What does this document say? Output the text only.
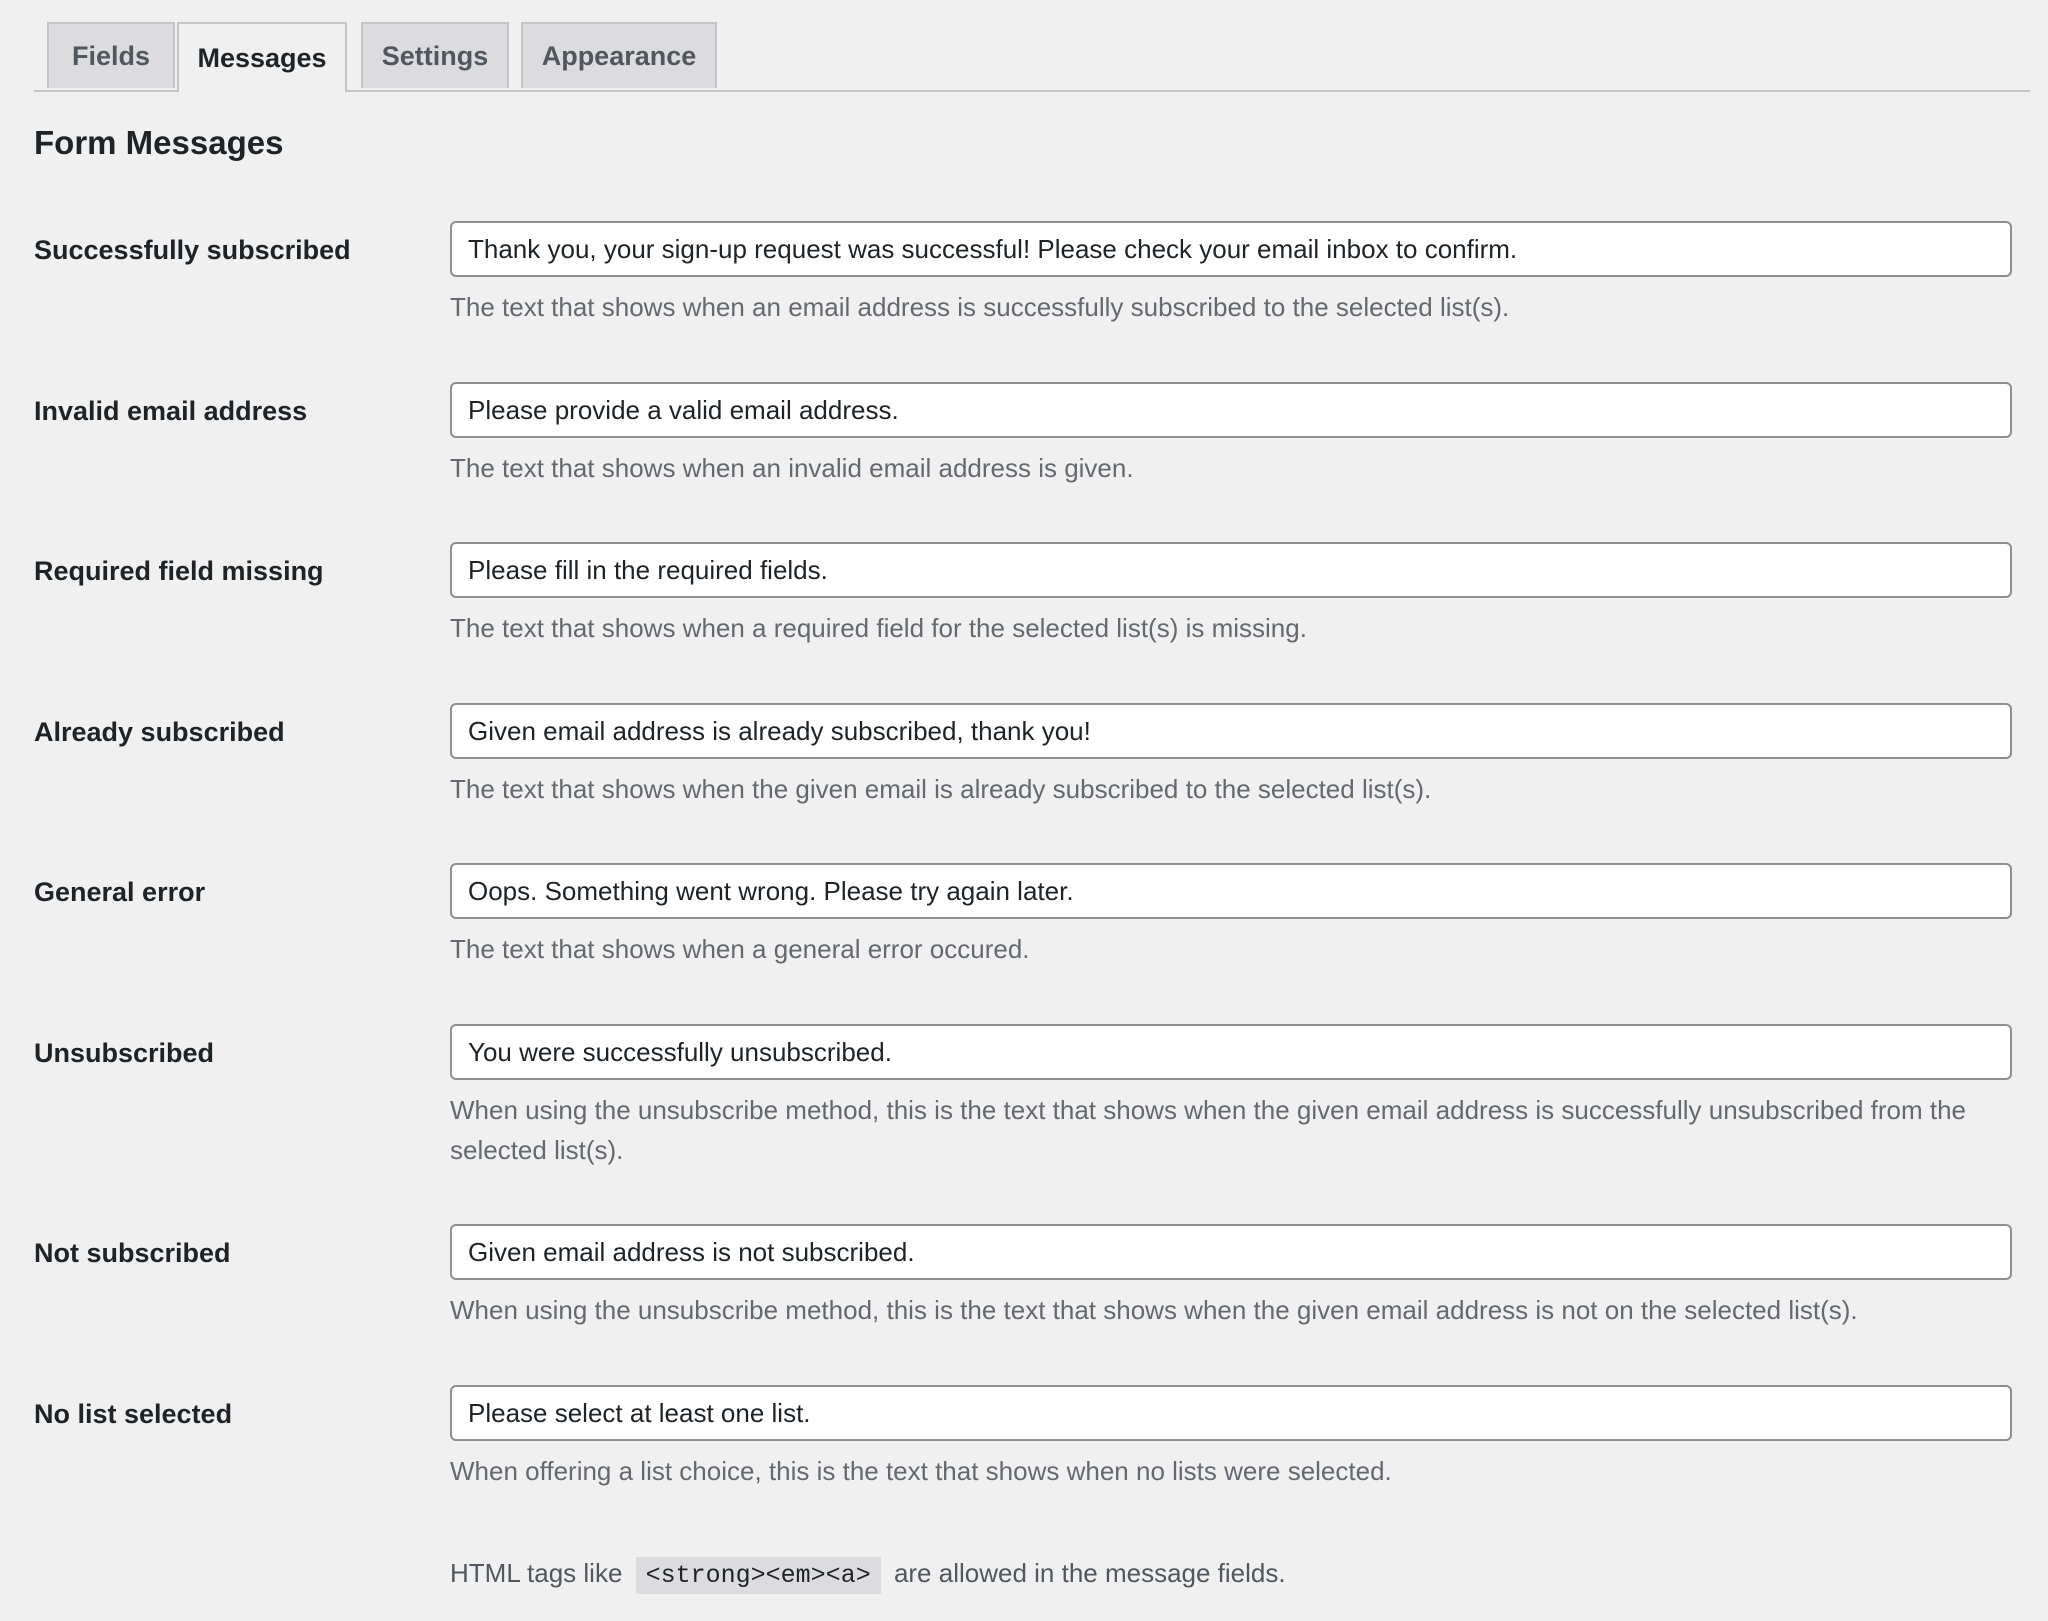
Fields	Messages	Settings	Appearance
Form Messages
Successfully subscribed
Thank you, your sign-up request was successful! Please check your email inbox to confirm.
The text that shows when an email address is successfully subscribed to the selected list(s).
Invalid email address
Please provide a valid email address.
The text that shows when an invalid email address is given.
Required field missing
Please fill in the required fields.
The text that shows when a required field for the selected list(s) is missing.
Already subscribed
Given email address is already subscribed, thank you!
The text that shows when the given email is already subscribed to the selected list(s).
General error
Oops. Something went wrong. Please try again later.
The text that shows when a general error occured.
Unsubscribed
You were successfully unsubscribed.
When using the unsubscribe method, this is the text that shows when the given email address is successfully unsubscribed from the selected list(s).
Not subscribed
Given email address is not subscribed.
When using the unsubscribe method, this is the text that shows when the given email address is not on the selected list(s).
No list selected
Please select at least one list.
When offering a list choice, this is the text that shows when no lists were selected.
HTML tags like <strong><em><a> are allowed in the message fields.
